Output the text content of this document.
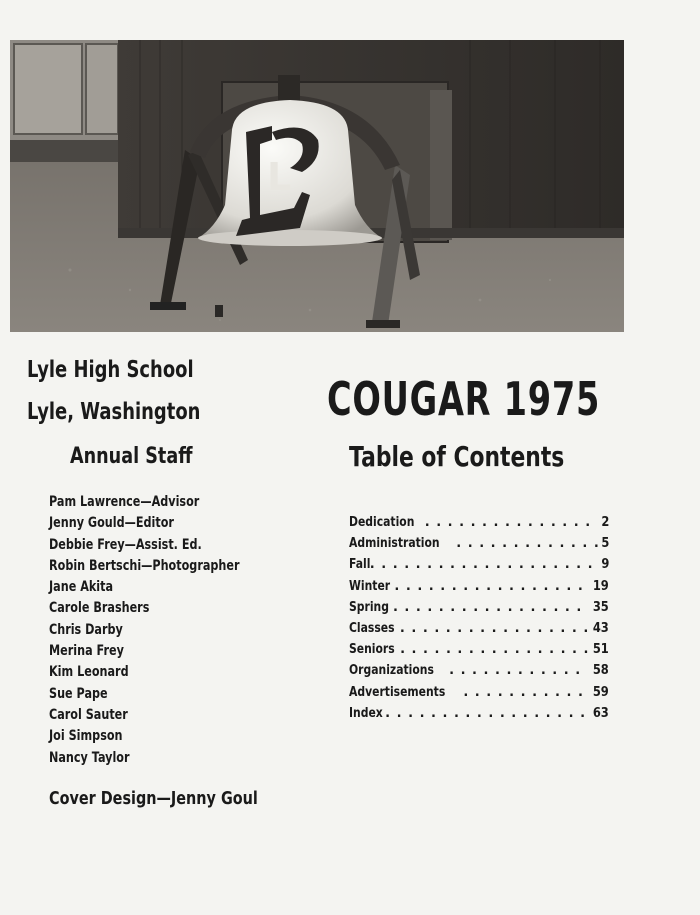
L
Lyle High School
Lyle, Washington
Annual Staff
Pam Lawrence—Advisor
Jenny Gould—Editor
Debbie Frey—Assist. Ed.
Robin Bertschi—Photographer
Jane Akita
Carole Brashers
Chris Darby
Merina Frey
Kim Leonard
Sue Pape
Carol Sauter
Joi Simpson
Nancy Taylor
Cover Design—Jenny Goul
COUGAR 1975
Table of Contents
Dedication . . .	2
Administration . . .	5
Fall . . .	9
Winter . . .	19
Spring . . .	35
Classes . . .	43
Seniors . . .	51
Organizations . . .	58
Advertisements . . .	59
Index . . .	63
